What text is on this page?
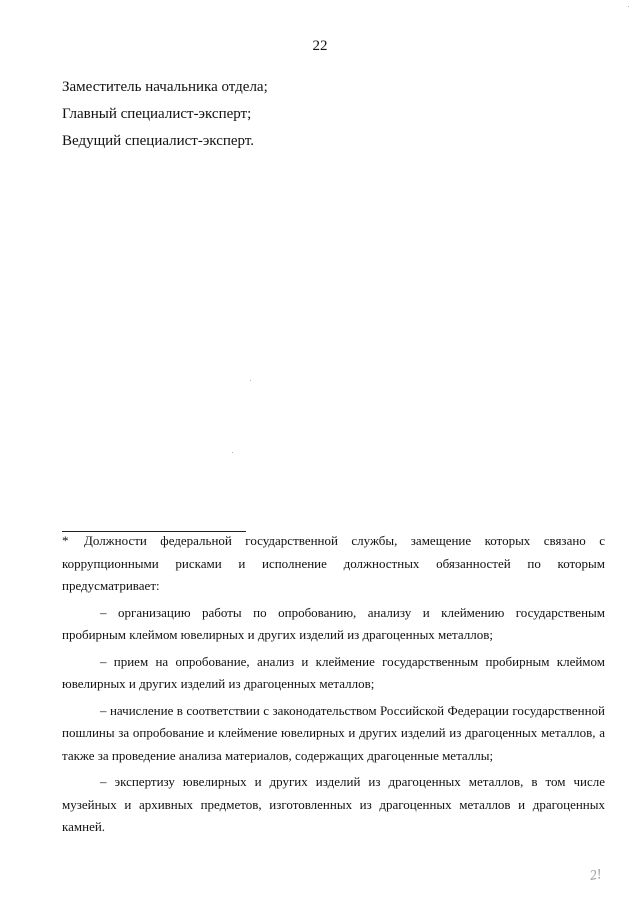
22
Заместитель начальника отдела;
Главный специалист-эксперт;
Ведущий специалист-эксперт.

* Должности федеральной государственной службы, замещение которых связано с коррупционными рисками и исполнение должностных обязанностей по которым предусматривает:

– организацию работы по опробованию, анализу и клеймению государственым пробирным клеймом ювелирных и других изделий из драгоценных металлов;

– прием на опробование, анализ и клеймение государственным пробирным клеймом ювелирных и других изделий из драгоценных металлов;

– начисление в соответствии с законодательством Российской Федерации государственной пошлины за опробование и клеймение ювелирных и других изделий из драгоценных металлов, а также за проведение анализа материалов, содержащих драгоценные металлы;

– экспертизу ювелирных и других изделий из драгоценных металлов, в том числе музейных и архивных предметов, изготовленных из драгоценных металлов и драгоценных камней.

2!
